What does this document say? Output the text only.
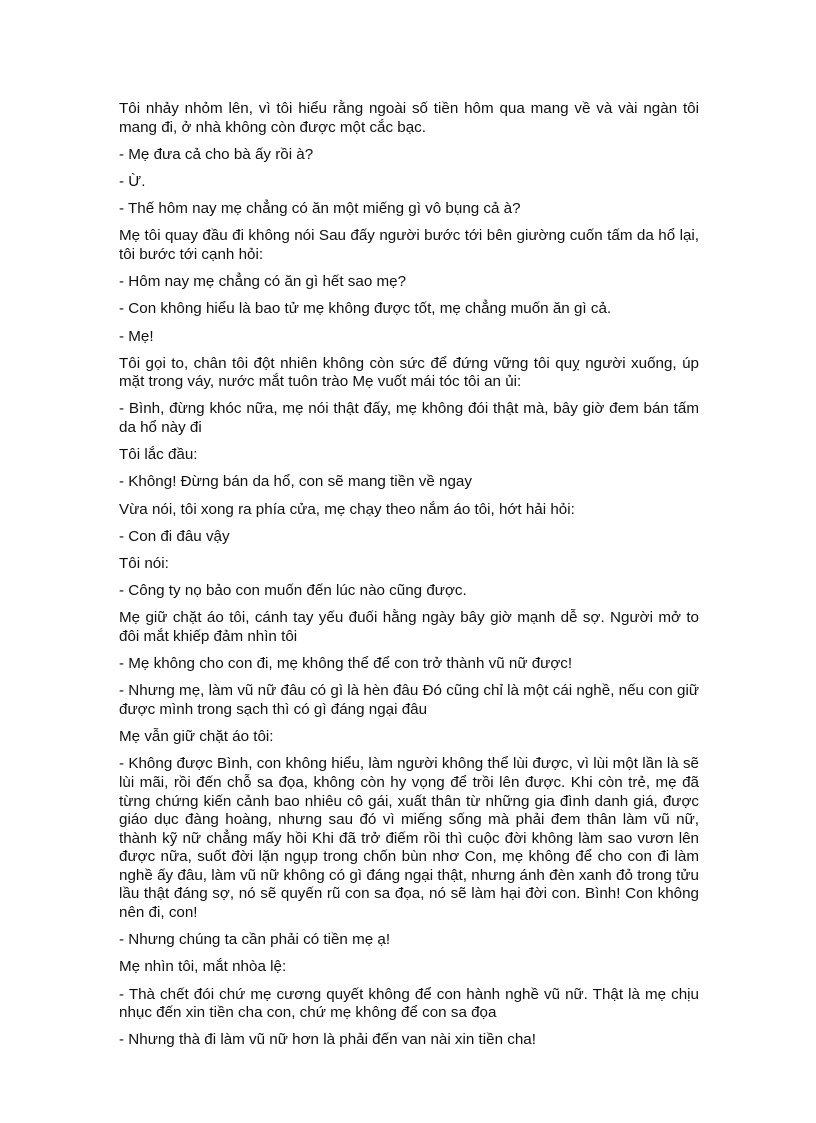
Tôi nhảy nhỏm lên, vì tôi hiểu rằng ngoài số tiền hôm qua mang về và vài ngàn tôi mang đi, ở nhà không còn được một cắc bạc.

- Mẹ đưa cả cho bà ấy rồi à?

- Ừ.

- Thế hôm nay mẹ chẳng có ăn một miếng gì vô bụng cả à?

Mẹ tôi quay đầu đi không nói Sau đấy người bước tới bên giường cuốn tấm da hổ lại, tôi bước tới cạnh hỏi:

- Hôm nay mẹ chẳng có ăn gì hết sao mẹ?

- Con không hiểu là bao tử mẹ không được tốt, mẹ chẳng muốn ăn gì cả.

- Mẹ!

Tôi gọi to, chân tôi đột nhiên không còn sức để đứng vững tôi quỵ người xuống, úp mặt trong váy, nước mắt tuôn trào Mẹ vuốt mái tóc tôi an ủi:

- Bình, đừng khóc nữa, mẹ nói thật đấy, mẹ không đói thật mà, bây giờ đem bán tấm da hổ này đi

Tôi lắc đầu:

- Không! Đừng bán da hổ, con sẽ mang tiền về ngay

Vừa nói, tôi xong ra phía cửa, mẹ chạy theo nắm áo tôi, hớt hải hỏi:

- Con đi đâu vậy

Tôi nói:

- Công ty nọ bảo con muốn đến lúc nào cũng được.

Mẹ giữ chặt áo tôi, cánh tay yếu đuối hằng ngày bây giờ mạnh dễ sợ. Người mở to đôi mắt khiếp đảm nhìn tôi

- Mẹ không cho con đi, mẹ không thể để con trở thành vũ nữ được!

- Nhưng mẹ, làm vũ nữ đâu có gì là hèn đâu Đó cũng chỉ là một cái nghề, nếu con giữ được mình trong sạch thì có gì đáng ngại đâu

Mẹ vẫn giữ chặt áo tôi:

- Không được Bình, con không hiểu, làm người không thể lùi được, vì lùi một lần là sẽ lùi mãi, rồi đến chỗ sa đọa, không còn hy vọng để trồi lên được. Khi còn trẻ, mẹ đã từng chứng kiến cảnh bao nhiêu cô gái, xuất thân từ những gia đình danh giá, được giáo dục đàng hoàng, nhưng sau đó vì miếng sống mà phải đem thân làm vũ nữ, thành kỹ nữ chẳng mấy hồi Khi đã trở điếm rồi thì cuộc đời không làm sao vươn lên được nữa, suốt đời lặn ngụp trong chốn bùn nhơ Con, mẹ không để cho con đi làm nghề ấy đâu, làm vũ nữ không có gì đáng ngại thật, nhưng ánh đèn xanh đỏ trong tửu lầu thật đáng sợ, nó sẽ quyến rũ con sa đọa, nó sẽ làm hại đời con. Bình! Con không nên đi, con!

- Nhưng chúng ta cần phải có tiền mẹ ạ!

Mẹ nhìn tôi, mắt nhòa lệ:

- Thà chết đói chứ mẹ cương quyết không để con hành nghề vũ nữ. Thật là mẹ chịu nhục đến xin tiền cha con, chứ mẹ không để con sa đọa

- Nhưng thà đi làm vũ nữ hơn là phải đến van nài xin tiền cha!
